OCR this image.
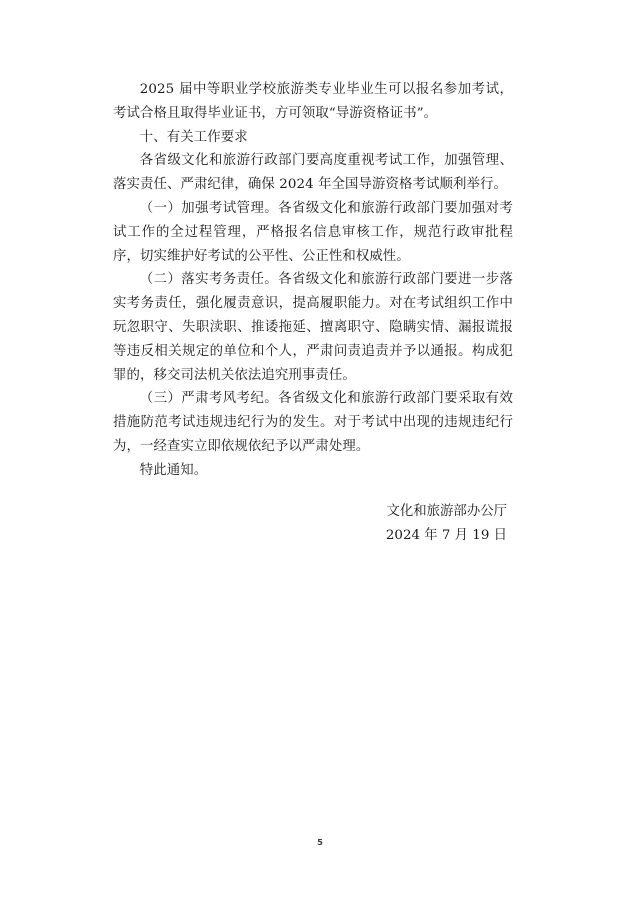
2025 届中等职业学校旅游类专业毕业生可以报名参加考试，考试合格且取得毕业证书，方可领取“导游资格证书”。

十、有关工作要求

各省级文化和旅游行政部门要高度重视考试工作，加强管理、落实责任、严肃纪律，确保 2024 年全国导游资格考试顺利举行。

（一）加强考试管理。各省级文化和旅游行政部门要加强对考试工作的全过程管理，严格报名信息审核工作，规范行政审批程序，切实维护好考试的公平性、公正性和权威性。

（二）落实考务责任。各省级文化和旅游行政部门要进一步落实考务责任，强化履责意识，提高履职能力。对在考试组织工作中玩忽职守、失职渎职、推诿拖延、擅离职守、隐瞒实情、漏报谎报等违反相关规定的单位和个人，严肃问责追责并予以通报。构成犯罪的，移交司法机关依法追究刑事责任。

（三）严肃考风考纪。各省级文化和旅游行政部门要采取有效措施防范考试违规违纪行为的发生。对于考试中出现的违规违纪行为，一经查实立即依规依纪予以严肃处理。

特此通知。

文化和旅游部办公厅
2024 年 7 月 19 日
5
